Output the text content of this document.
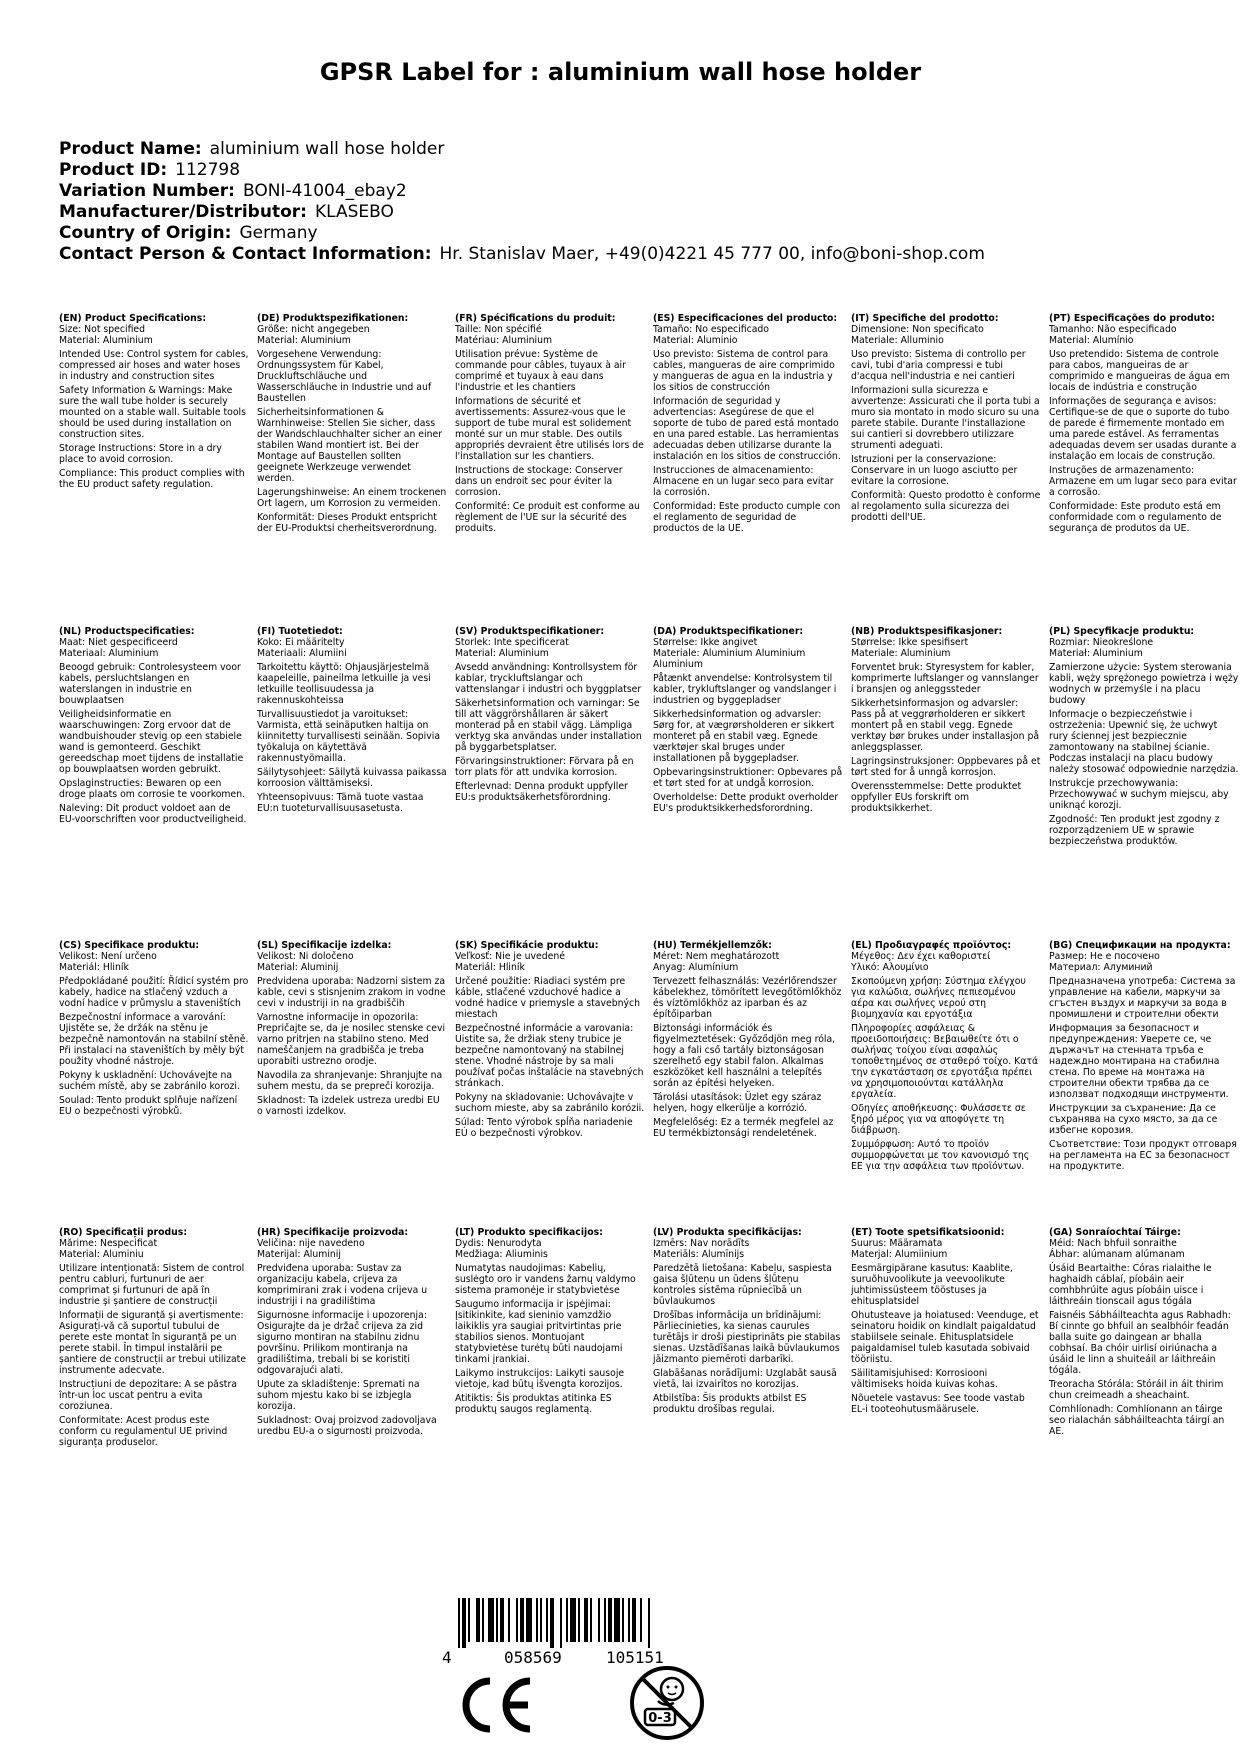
GPSR Label for : aluminium wall hose holder
Product Name: aluminium wall hose holder
Product ID: 112798
Variation Number: BONI-41004_ebay2
Manufacturer/Distributor: KLASEBO
Country of Origin: Germany
Contact Person & Contact Information: Hr. Stanislav Maer, +49(0)4221 45 777 00, info@boni-shop.com
(EN) Product Specifications:
Size: Not specified

Material: Aluminium

Intended Use: Control system for cables, compressed air hoses and water hoses in industry and construction sites

Safety Information & Warnings: Make sure the wall tube holder is securely mounted on a stable wall. Suitable tools should be used during installation on construction sites.

Storage Instructions: Store in a dry place to avoid corrosion.

Compliance: This product complies with the EU product safety regulation.

(DE) Produktspezifikationen:
Größe: nicht angegeben

Material: Aluminium

Vorgesehene Verwendung: Ordnungssystem für Kabel, Druckluftschläuche und Wasserschläuche in Industrie und auf Baustellen

Sicherheitsinformationen & Warnhinweise: Stellen Sie sicher, dass der Wandschlauchhalter sicher an einer stabilen Wand montiert ist. Bei der Montage auf Baustellen sollten geeignete Werkzeuge verwendet werden.

Lagerungshinweise: An einem trockenen Ort lagern, um Korrosion zu vermeiden.

Konformität: Dieses Produkt entspricht der EU-Produktsi cherheitsverordnung.

(FR) Spécifications du produit:
Taille: Non spécifié

Matériau: Aluminium

Utilisation prévue: Système de commande pour câbles, tuyaux à air comprimé et tuyaux à eau dans l'industrie et les chantiers

Informations de sécurité et avertissements: Assurez-vous que le support de tube mural est solidement monté sur un mur stable. Des outils appropriés devraient être utilisés lors de l'installation sur les chantiers.

Instructions de stockage: Conserver dans un endroit sec pour éviter la corrosion.

Conformité: Ce produit est conforme au règlement de l'UE sur la sécurité des produits.

(ES) Especificaciones del producto:
Tamaño: No especificado

Material: Aluminio

Uso previsto: Sistema de control para cables, mangueras de aire comprimido y mangueras de agua en la industria y los sitios de construcción

Información de seguridad y advertencias: Asegúrese de que el soporte de tubo de pared está montado en una pared estable. Las herramientas adecuadas deben utilizarse durante la instalación en los sitios de construcción.

Instrucciones de almacenamiento: Almacene en un lugar seco para evitar la corrosión.

Conformidad: Este producto cumple con el reglamento de seguridad de productos de la UE.

(IT) Specifiche del prodotto:
Dimensione: Non specificato

Materiale: Alluminio

Uso previsto: Sistema di controllo per cavi, tubi d'aria compressi e tubi d'acqua nell'industria e nei cantieri

Informazioni sulla sicurezza e avvertenze: Assicurati che il porta tubi a muro sia montato in modo sicuro su una parete stabile. Durante l'installazione sui cantieri si dovrebbero utilizzare strumenti adeguati.

Istruzioni per la conservazione: Conservare in un luogo asciutto per evitare la corrosione.

Conformità: Questo prodotto è conforme al regolamento sulla sicurezza dei prodotti dell'UE.

(PT) Especificações do produto:
Tamanho: Não especificado

Material: Alumínio

Uso pretendido: Sistema de controle para cabos, mangueiras de ar comprimido e mangueiras de água em locais de indústria e construção

Informações de segurança e avisos: Certifique-se de que o suporte do tubo de parede é firmemente montado em uma parede estável. As ferramentas adequadas devem ser usadas durante a instalação em locais de construção.

Instruções de armazenamento: Armazene em um lugar seco para evitar a corrosão.

Conformidade: Este produto está em conformidade com o regulamento de segurança de produtos da UE.

(NL) Productspecificaties:
Maat: Niet gespecificeerd

Materiaal: Aluminium

Beoogd gebruik: Controlesysteem voor kabels, persluchtslangen en waterslangen in industrie en bouwplaatsen

Veiligheidsinformatie en waarschuwingen: Zorg ervoor dat de wandbuishouder stevig op een stabiele wand is gemonteerd. Geschikt gereedschap moet tijdens de installatie op bouwplaatsen worden gebruikt.

Opslaginstructies: Bewaren op een droge plaats om corrosie te voorkomen.

Naleving: Dit product voldoet aan de EU-voorschriften voor productveiligheid.

(FI) Tuotetiedot:
Koko: Ei määritelty

Materiaali: Alumiini

Tarkoitettu käyttö: Ohjausjärjestelmä kaapeleille, paineilma letkuille ja vesi letkuille teollisuudessa ja rakennuskohteissa

Turvallisuustiedot ja varoitukset: Varmista, että seinäputken haltija on kiinnitetty turvallisesti seinään. Sopivia työkaluja on käytettävä rakennustyömailla.

Säilytysohjeet: Säilytä kuivassa paikassa korroosion välttämiseksi.

Yhteensopivuus: Tämä tuote vastaa EU:n tuoteturvallisuusasetusta.

(SV) Produktspecifikationer:
Storlek: Inte specificerat

Material: Aluminium

Avsedd användning: Kontrollsystem för kablar, tryckluftslangar och vattenslangar i industri och byggplatser

Säkerhetsinformation och varningar: Se till att väggrörshållaren är säkert monterad på en stabil vägg. Lämpliga verktyg ska användas under installation på byggarbetsplatser.

Förvaringsinstruktioner: Förvara på en torr plats för att undvika korrosion.

Efterlevnad: Denna produkt uppfyller EU:s produktsäkerhetsförordning.

(DA) Produktspecifikationer:
Størrelse: Ikke angivet

Materiale: Aluminium Aluminium Aluminium

Påtænkt anvendelse: Kontrolsystem til kabler, trykluftslanger og vandslanger i industrien og byggepladser

Sikkerhedsinformation og advarsler: Sørg for, at vægrørsholderen er sikkert monteret på en stabil væg. Egnede værktøjer skal bruges under installationen på byggepladser.

Opbevaringsinstruktioner: Opbevares på et tørt sted for at undgå korrosion.

Overholdelse: Dette produkt overholder EU's produktsikkerhedsforordning.

(NB) Produktspesifikasjoner:
Størrelse: Ikke spesifisert

Materiale: Aluminium

Forventet bruk: Styresystem for kabler, komprimerte luftslanger og vannslanger i bransjen og anleggssteder

Sikkerhetsinformasjon og advarsler: Pass på at veggrørholderen er sikkert montert på en stabil vegg. Egnede verktøy bør brukes under installasjon på anleggsplasser.

Lagringsinstruksjoner: Oppbevares på et tørt sted for å unngå korrosjon.

Overensstemmelse: Dette produktet oppfyller EUs forskrift om produktsikkerhet.

(PL) Specyfikacje produktu:
Rozmiar: Nieokreślone

Materiał: Aluminium

Zamierzone użycie: System sterowania kabli, węży sprężonego powietrza i węży wodnych w przemyśle i na placu budowy

Informacje o bezpieczeństwie i ostrzeżenia: Upewnić się, że uchwyt rury ściennej jest bezpiecznie zamontowany na stabilnej ścianie. Podczas instalacji na placu budowy należy stosować odpowiednie narzędzia.

Instrukcje przechowywania: Przechowywać w suchym miejscu, aby uniknąć korozji.

Zgodność: Ten produkt jest zgodny z rozporządzeniem UE w sprawie bezpieczeństwa produktów.

(CS) Specifikace produktu:
Velikost: Není určeno

Materiál: Hliník

Předpokládané použití: Řídicí systém pro kabely, hadice na stlačený vzduch a vodní hadice v průmyslu a staveništích

Bezpečnostní informace a varování: Ujistěte se, že držák na stěnu je bezpečně namontován na stabilní stěně. Při instalaci na staveništích by měly být použity vhodné nástroje.

Pokyny k uskladnění: Uchovávejte na suchém místě, aby se zabránilo korozi.

Soulad: Tento produkt splňuje nařízení EU o bezpečnosti výrobků.

(SL) Specifikacije izdelka:
Velikost: Ni določeno

Material: Aluminij

Predvidena uporaba: Nadzorni sistem za kable, cevi s stisnjenim zrakom in vodne cevi v industriji in na gradbiščih

Varnostne informacije in opozorila: Prepričajte se, da je nosilec stenske cevi varno pritrjen na stabilno steno. Med nameščanjem na gradbišča je treba uporabiti ustrezno orodje.

Navodila za shranjevanje: Shranjujte na suhem mestu, da se prepreči korozija.

Skladnost: Ta izdelek ustreza uredbi EU o varnosti izdelkov.

(SK) Špecifikácie produktu:
Veľkosť: Nie je uvedené

Materiál: Hliník

Určené použitie: Riadiaci systém pre káble, stlačené vzduchové hadice a vodné hadice v priemysle a stavebných miestach

Bezpečnostné informácie a varovania: Uistite sa, že držiak steny trubice je bezpečne namontovaný na stabilnej stene. Vhodné nástroje by sa mali používať počas inštalácie na stavebných stránkach.

Pokyny na skladovanie: Uchovávajte v suchom mieste, aby sa zabránilo korózii.

Súlad: Tento výrobok spĺňa nariadenie EÚ o bezpečnosti výrobkov.

(HU) Termékjellemzők:
Méret: Nem meghatározott

Anyag: Alumínium

Tervezett felhasználás: Vezérlőrendszer kábelekhez, tömörített levegőtömlőkhöz és víztömlőkhöz az iparban és az építőiparban

Biztonsági információk és figyelmeztetések: Győződjön meg róla, hogy a fali cső tartály biztonságosan szerelhető egy stabil falon. Alkalmas eszközöket kell használni a telepítés során az építési helyeken.

Tárolási utasítások: Üzlet egy száraz helyen, hogy elkerülje a korrózió.

Megfelelőség: Ez a termék megfelel az EU termékbiztonsági rendeletének.

(EL) Προδιαγραφές προϊόντος:
Μέγεθος: Δεν έχει καθοριστεί

Υλικό: Αλουμίνιο

Σκοπούμενη χρήση: Σύστημα ελέγχου για καλώδια, σωλήνες πεπιεσμένου αέρα και σωλήνες νερού στη βιομηχανία και εργοτάξια

Πληροφορίες ασφάλειας & προειδοποιήσεις: Βεβαιωθείτε ότι ο σωλήνας τοίχου είναι ασφαλώς τοποθετημένος σε σταθερό τοίχο. Κατά την εγκατάσταση σε εργοτάξια πρέπει να χρησιμοποιούνται κατάλληλα εργαλεία.

Οδηγίες αποθήκευσης: Φυλάσσετε σε ξηρό μέρος για να αποφύγετε τη διάβρωση.

Συμμόρφωση: Αυτό το προϊόν συμμορφώνεται με τον κανονισμό της ΕΕ για την ασφάλεια των προϊόντων.

(BG) Спецификации на продукта:
Размер: Не е посочено

Материал: Алуминий

Предназначена употреба: Система за управление на кабели, маркучи за сгъстен въздух и маркучи за вода в промишлени и строителни обекти

Информация за безопасност и предупреждения: Уверете се, че държачът на стенната тръба е надеждно монтирана на стабилна стена. По време на монтажа на строителни обекти трябва да се използват подходящи инструменти.

Инструкции за съхранение: Да се съхранява на сухо място, за да се избегне корозия.

Съответствие: Този продукт отговаря на регламента на ЕС за безопасност на продуктите.

(RO) Specificații produs:
Mărime: Nespecificat

Material: Aluminiu

Utilizare intenționată: Sistem de control pentru cabluri, furtunuri de aer comprimat și furtunuri de apă în industrie și șantiere de construcții

Informații de siguranță și avertismente: Asigurați-vă că suportul tubului de perete este montat în siguranță pe un perete stabil. În timpul instalării pe șantiere de construcții ar trebui utilizate instrumente adecvate.

Instrucțiuni de depozitare: A se păstra într-un loc uscat pentru a evita coroziunea.

Conformitate: Acest produs este conform cu regulamentul UE privind siguranța produselor.

(HR) Specifikacije proizvoda:
Veličina: nije navedeno

Materijal: Aluminij

Predviđena uporaba: Sustav za organizaciju kabela, crijeva za komprimirani zrak i vodena crijeva u industriji i na gradilištima

Sigurnosne informacije i upozorenja: Osigurajte da je držač crijeva za zid sigurno montiran na stabilnu zidnu površinu. Prilikom montiranja na gradilištima, trebali bi se koristiti odgovarajući alati.

Upute za skladištenje: Spremati na suhom mjestu kako bi se izbjegla korozija.

Sukladnost: Ovaj proizvod zadovoljava uredbu EU-a o sigurnosti proizvoda.

(LT) Produkto specifikacijos:
Dydis: Nenurodyta

Medžiaga: Aliuminis

Numatytas naudojimas: Kabelių, suslėgto oro ir vandens žarnų valdymo sistema pramonėje ir statybvietėse

Saugumo informacija ir įspėjimai: Įsitikinkite, kad sieninio vamzdžio laikiklis yra saugiai pritvirtintas prie stabilios sienos. Montuojant statybvietėse turėtų būti naudojami tinkami įrankiai.

Laikymo instrukcijos: Laikyti sausoje vietoje, kad būtų išvengta korozijos.

Atitiktis: Šis produktas atitinka ES produktų saugos reglamentą.

(LV) Produkta specifikācijas:
Izmērs: Nav norādīts

Materiāls: Alumīnijs

Paredzētā lietošana: Kabeļu, saspiesta gaisa šļūteņu un ūdens šļūteņu kontroles sistēma rūpniecībā un būvlaukumos

Drošības informācija un brīdinājumi: Pārliecinieties, ka sienas caurules turētājs ir droši piestiprināts pie stabilas sienas. Uzstādīšanas laikā būvlaukumos jāizmanto piemēroti darbarīki.

Glabāšanas norādījumi: Uzglabāt sausā vietā, lai izvairītos no korozijas.

Atbilstība: Šis produkts atbilst ES produktu drošības regulai.

(ET) Toote spetsifikatsioonid:
Suurus: Määramata

Materjal: Alumiinium

Eesmärgipärane kasutus: Kaablite, suruõhuvoolikute ja veevoolikute juhtimissüsteem tööstuses ja ehitusplatsidel

Ohutusteave ja hoiatused: Veenduge, et seinatoru hoidik on kindlalt paigaldatud stabiilsele seinale. Ehitusplatsidele paigaldamisel tuleb kasutada sobivaid tööriistu.

Säilitamisjuhised: Korrosiooni vältimiseks hoida kuivas kohas.

Nõuetele vastavus: See toode vastab EL-i tooteohutusmäärusele.

(GA) Sonraíochtaí Táirge:
Méid: Nach bhfuil sonraithe

Ábhar: alúmanam alúmanam

Úsáid Beartaithe: Córas rialaithe le haghaidh cáblaí, píobáin aeir comhbhrúite agus píobáin uisce i láithreáin tionscail agus tógála

Faisnéis Sábháilteachta agus Rabhadh: Bí cinnte go bhfuil an sealbhóir feadán balla suite go daingean ar bhalla cobhsaí. Ba chóir uirlisí oiriúnacha a úsáid le linn a shuiteáil ar láithreáin tógála.

Treoracha Stórála: Stóráil in áit thirim chun creimeadh a sheachaint.

Comhlíonadh: Comhlíonann an táirge seo rialachán sábháilteachta táirgí an AE.

4	058569	105151
0-3
